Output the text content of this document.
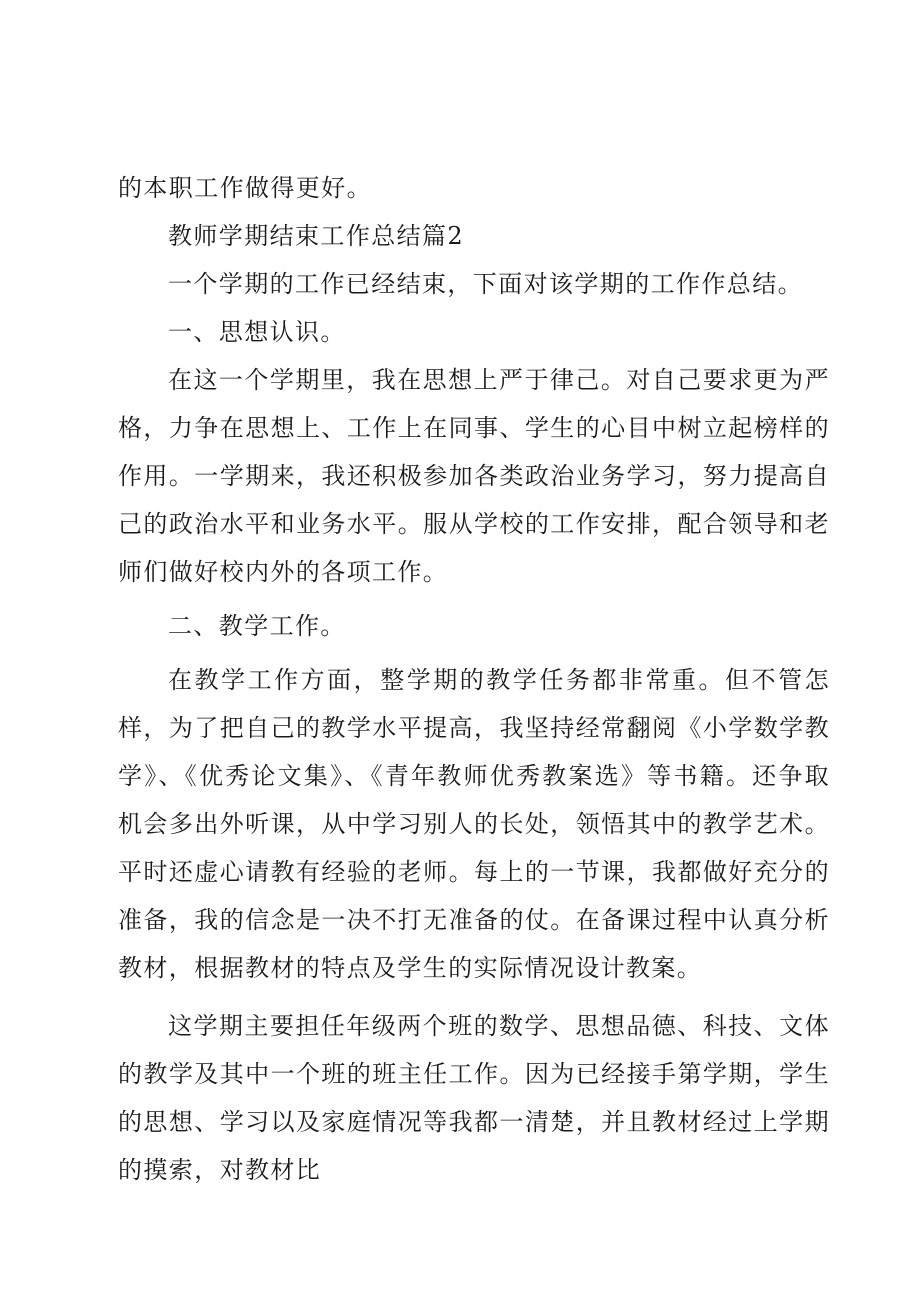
的本职工作做得更好。

教师学期结束工作总结篇2

一个学期的工作已经结束，下面对该学期的工作作总结。

一、思想认识。

在这一个学期里，我在思想上严于律己。对自己要求更为严格，力争在思想上、工作上在同事、学生的心目中树立起榜样的作用。一学期来，我还积极参加各类政治业务学习，努力提高自己的政治水平和业务水平。服从学校的工作安排，配合领导和老师们做好校内外的各项工作。

二、教学工作。

在教学工作方面，整学期的教学任务都非常重。但不管怎样，为了把自己的教学水平提高，我坚持经常翻阅《小学数学教学》、《优秀论文集》、《青年教师优秀教案选》等书籍。还争取机会多出外听课，从中学习别人的长处，领悟其中的教学艺术。平时还虚心请教有经验的老师。每上的一节课，我都做好充分的准备，我的信念是一决不打无准备的仗。在备课过程中认真分析教材，根据教材的特点及学生的实际情况设计教案。

这学期主要担任年级两个班的数学、思想品德、科技、文体的教学及其中一个班的班主任工作。因为已经接手第学期，学生的思想、学习以及家庭情况等我都一清楚，并且教材经过上学期的摸索，对教材比
